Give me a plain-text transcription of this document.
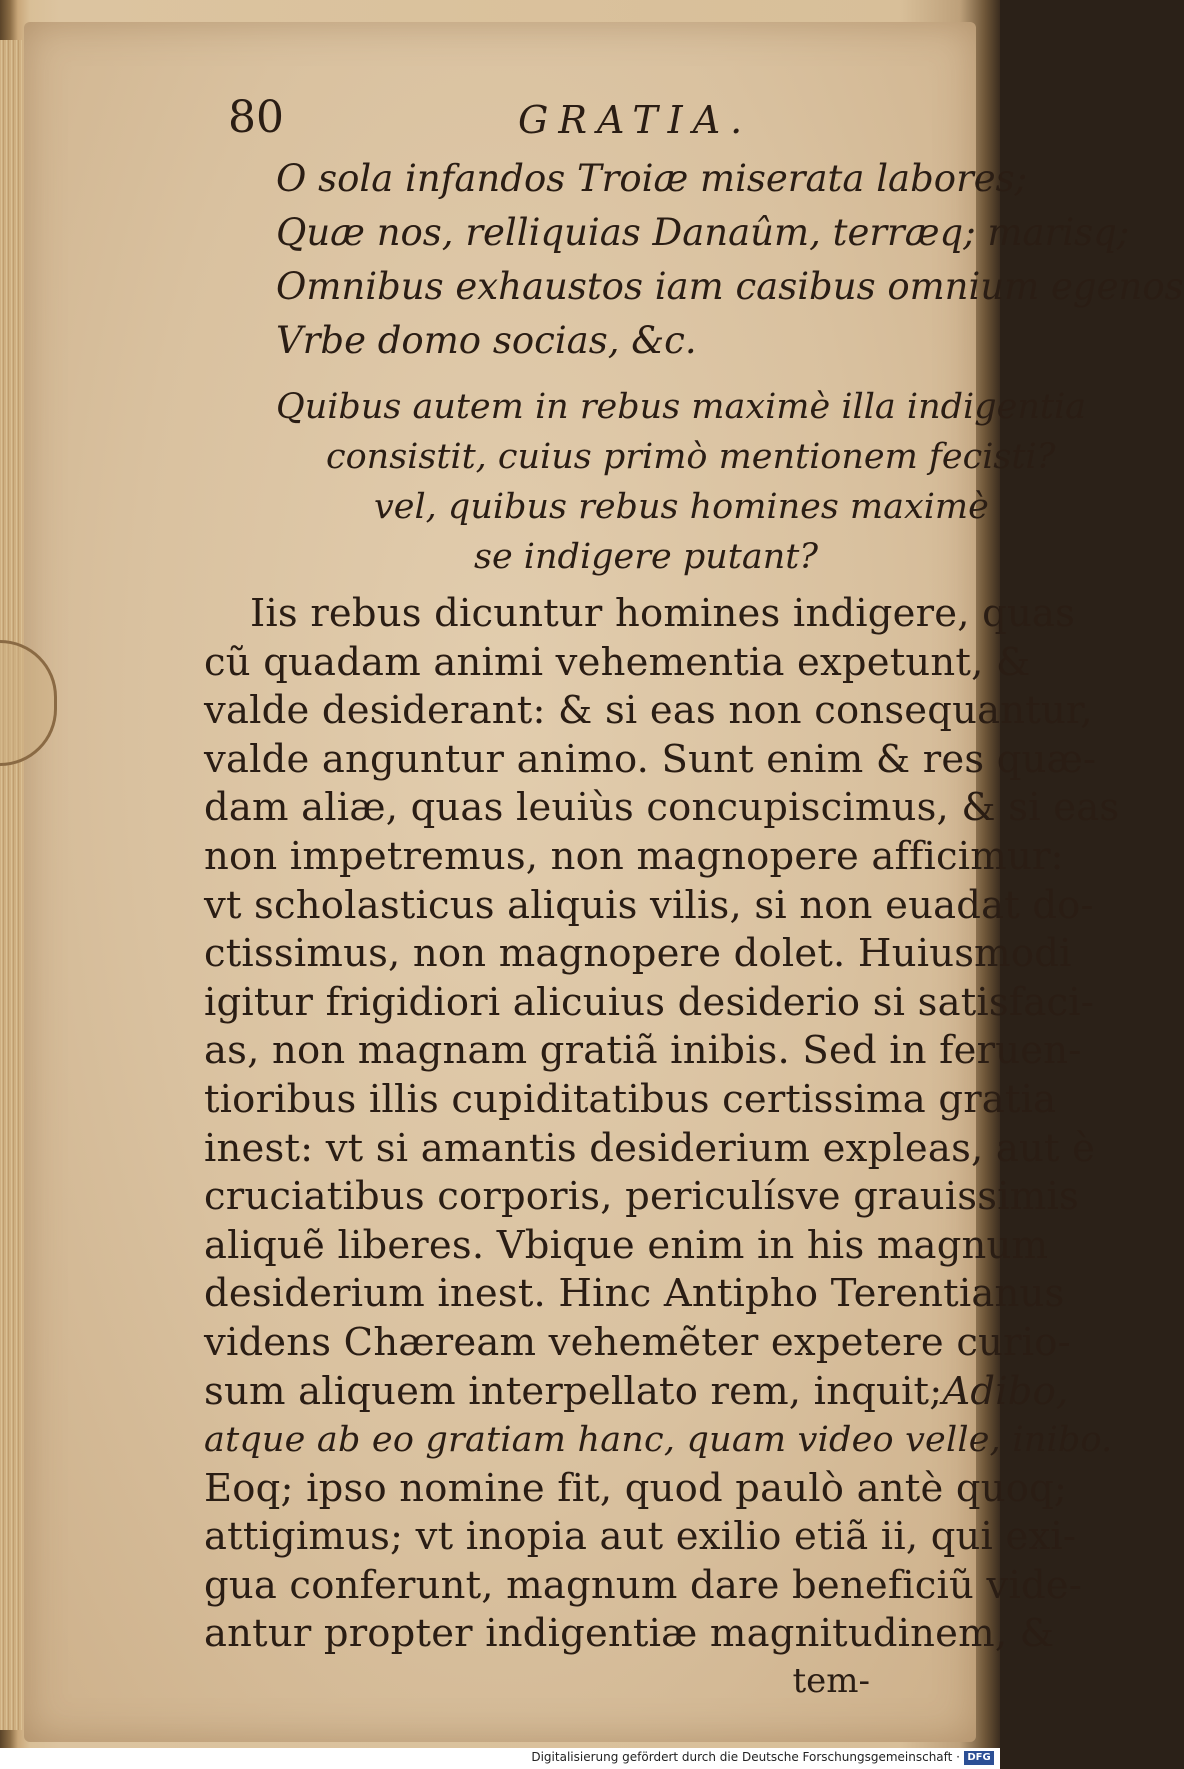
80	GRATIA.
O sola infandos Troiæ miserata labores;
Quæ nos, relliquias Danaûm, terræq; marisq;
Omnibus exhaustos iam casibus omnium egenos
Vrbe domo socias, &c.
Quibus autem in rebus maximè illa indigentia
consistit, cuius primò mentionem fecisti?
vel, quibus rebus homines maximè
se indigere putant?
Iis rebus dicuntur homines indigere, quas
cũ quadam animi vehementia expetunt, &
valde desiderant: & si eas non consequantur,
valde anguntur animo. Sunt enim & res quæ-
dam aliæ, quas leuiùs concupiscimus, & si eas
non impetremus, non magnopere afficimur:
vt scholasticus aliquis vilis, si non euadat do-
ctissimus, non magnopere dolet. Huiusmodi
igitur frigidiori alicuius desiderio si satisfaci-
as, non magnam gratiã inibis. Sed in feruen-
tioribus illis cupiditatibus certissima gratia
inest: vt si amantis desiderium expleas, aut è
cruciatibus corporis, periculísve grauissimis
aliquẽ liberes. Vbique enim in his magnum
desiderium inest. Hinc Antipho Terentianus
videns Chæream vehemẽter expetere curio-
sum aliquem interpellato rem, inquit;Adibo,
atque ab eo gratiam hanc, quam video velle, inibo.
Eoq; ipso nomine fit, quod paulò antè quoq;
attigimus; vt inopia aut exilio etiã ii, qui exi-
gua conferunt, magnum dare beneficiũ vide-
antur propter indigentiæ magnitudinem, &
tem-
Digitalisierung gefördert durch die Deutsche Forschungsgemeinschaft · DFG
